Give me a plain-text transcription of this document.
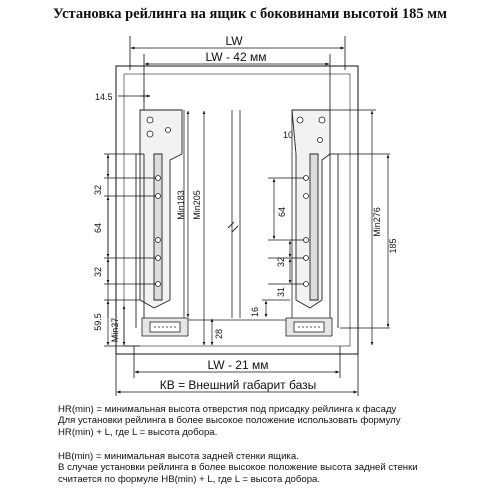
Установка рейлинга на ящик с боковинами высотой 185 мм
LW
LW - 42 мм
14.5
10
32
64
32
59.5 Min37
Min183 Min205
28
16
64
32
31
Min276
185
LW - 21 мм
КВ = Внешний габарит базы
HR(min) = минимальная высота отверстия под присадку рейлинга к фасаду
Для установки рейлинга в более высокое положение использовать формулу
HR(min) + L, где L = высота добора.
HB(min) = минимальная высота задней стенки ящика.
В случае установки рейлинга в более высокое положение высота задней стенки
считается по формуле HB(min) + L, где L = высота добора.
